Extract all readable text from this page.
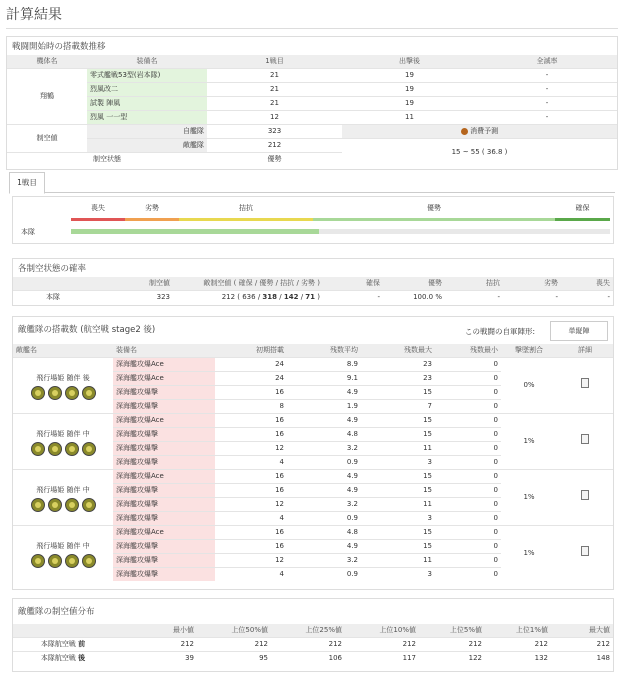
計算結果
戦闘開始時の搭載数推移
機体名	装備名	1戦目	出撃後	全滅率
翔鶴	零式艦戦53型(岩本隊)	21	19	-
	烈風改二	21	19	-
	試製 陣風	21	19	-
	烈風 一一型	12	11	-
制空値	自艦隊	323	消費予測	
	敵艦隊	212	15 ~ 55 ( 36.8 )	
制空状態		優勢		
1戦目
喪失	劣勢	拮抗	優勢	確保
本隊
各制空状態の確率
	制空値	敵制空値 ( 確保 / 優勢 / 拮抗 / 劣勢 )	確保	優勢	拮抗	劣勢	喪失
本隊	323	212 ( 636 / 318 / 142 / 71 )	-	100.0 %	-	-	-
敵艦隊の搭載数 (航空戦 stage2 後)	この戦闘の自軍陣形:
敵艦名	装備名	初期搭載	残数平均	残数最大	残数最小	撃墜割合	詳細

飛行場姫 随伴 後	深海艦攻爆Ace	24	8.9	23	0	0%	
	深海艦攻爆Ace	24	9.1	23	0		
	深海艦攻爆撃	16	4.9	15	0		
	深海艦攻爆撃	8	1.9	7	0		

飛行場姫 随伴 中	深海艦攻爆Ace	16	4.9	15	0	1%	
	深海艦攻爆撃	16	4.8	15	0		
	深海艦攻爆撃	12	3.2	11	0		
	深海艦攻爆撃	4	0.9	3	0		

飛行場姫 随伴 中	深海艦攻爆Ace	16	4.9	15	0	1%	
	深海艦攻爆撃	16	4.9	15	0		
	深海艦攻爆撃	12	3.2	11	0		
	深海艦攻爆撃	4	0.9	3	0		

飛行場姫 随伴 中	深海艦攻爆Ace	16	4.8	15	0	1%	
	深海艦攻爆撃	16	4.9	15	0		
	深海艦攻爆撃	12	3.2	11	0		
	深海艦攻爆撃	4	0.9	3	0		
単縦陣
敵艦隊の制空値分布
	最小値	上位50%値	上位25%値	上位10%値	上位5%値	上位1%値	最大値
本隊航空戦 前	212	212	212	212	212	212	212
本隊航空戦 後	39	95	106	117	122	132	148
